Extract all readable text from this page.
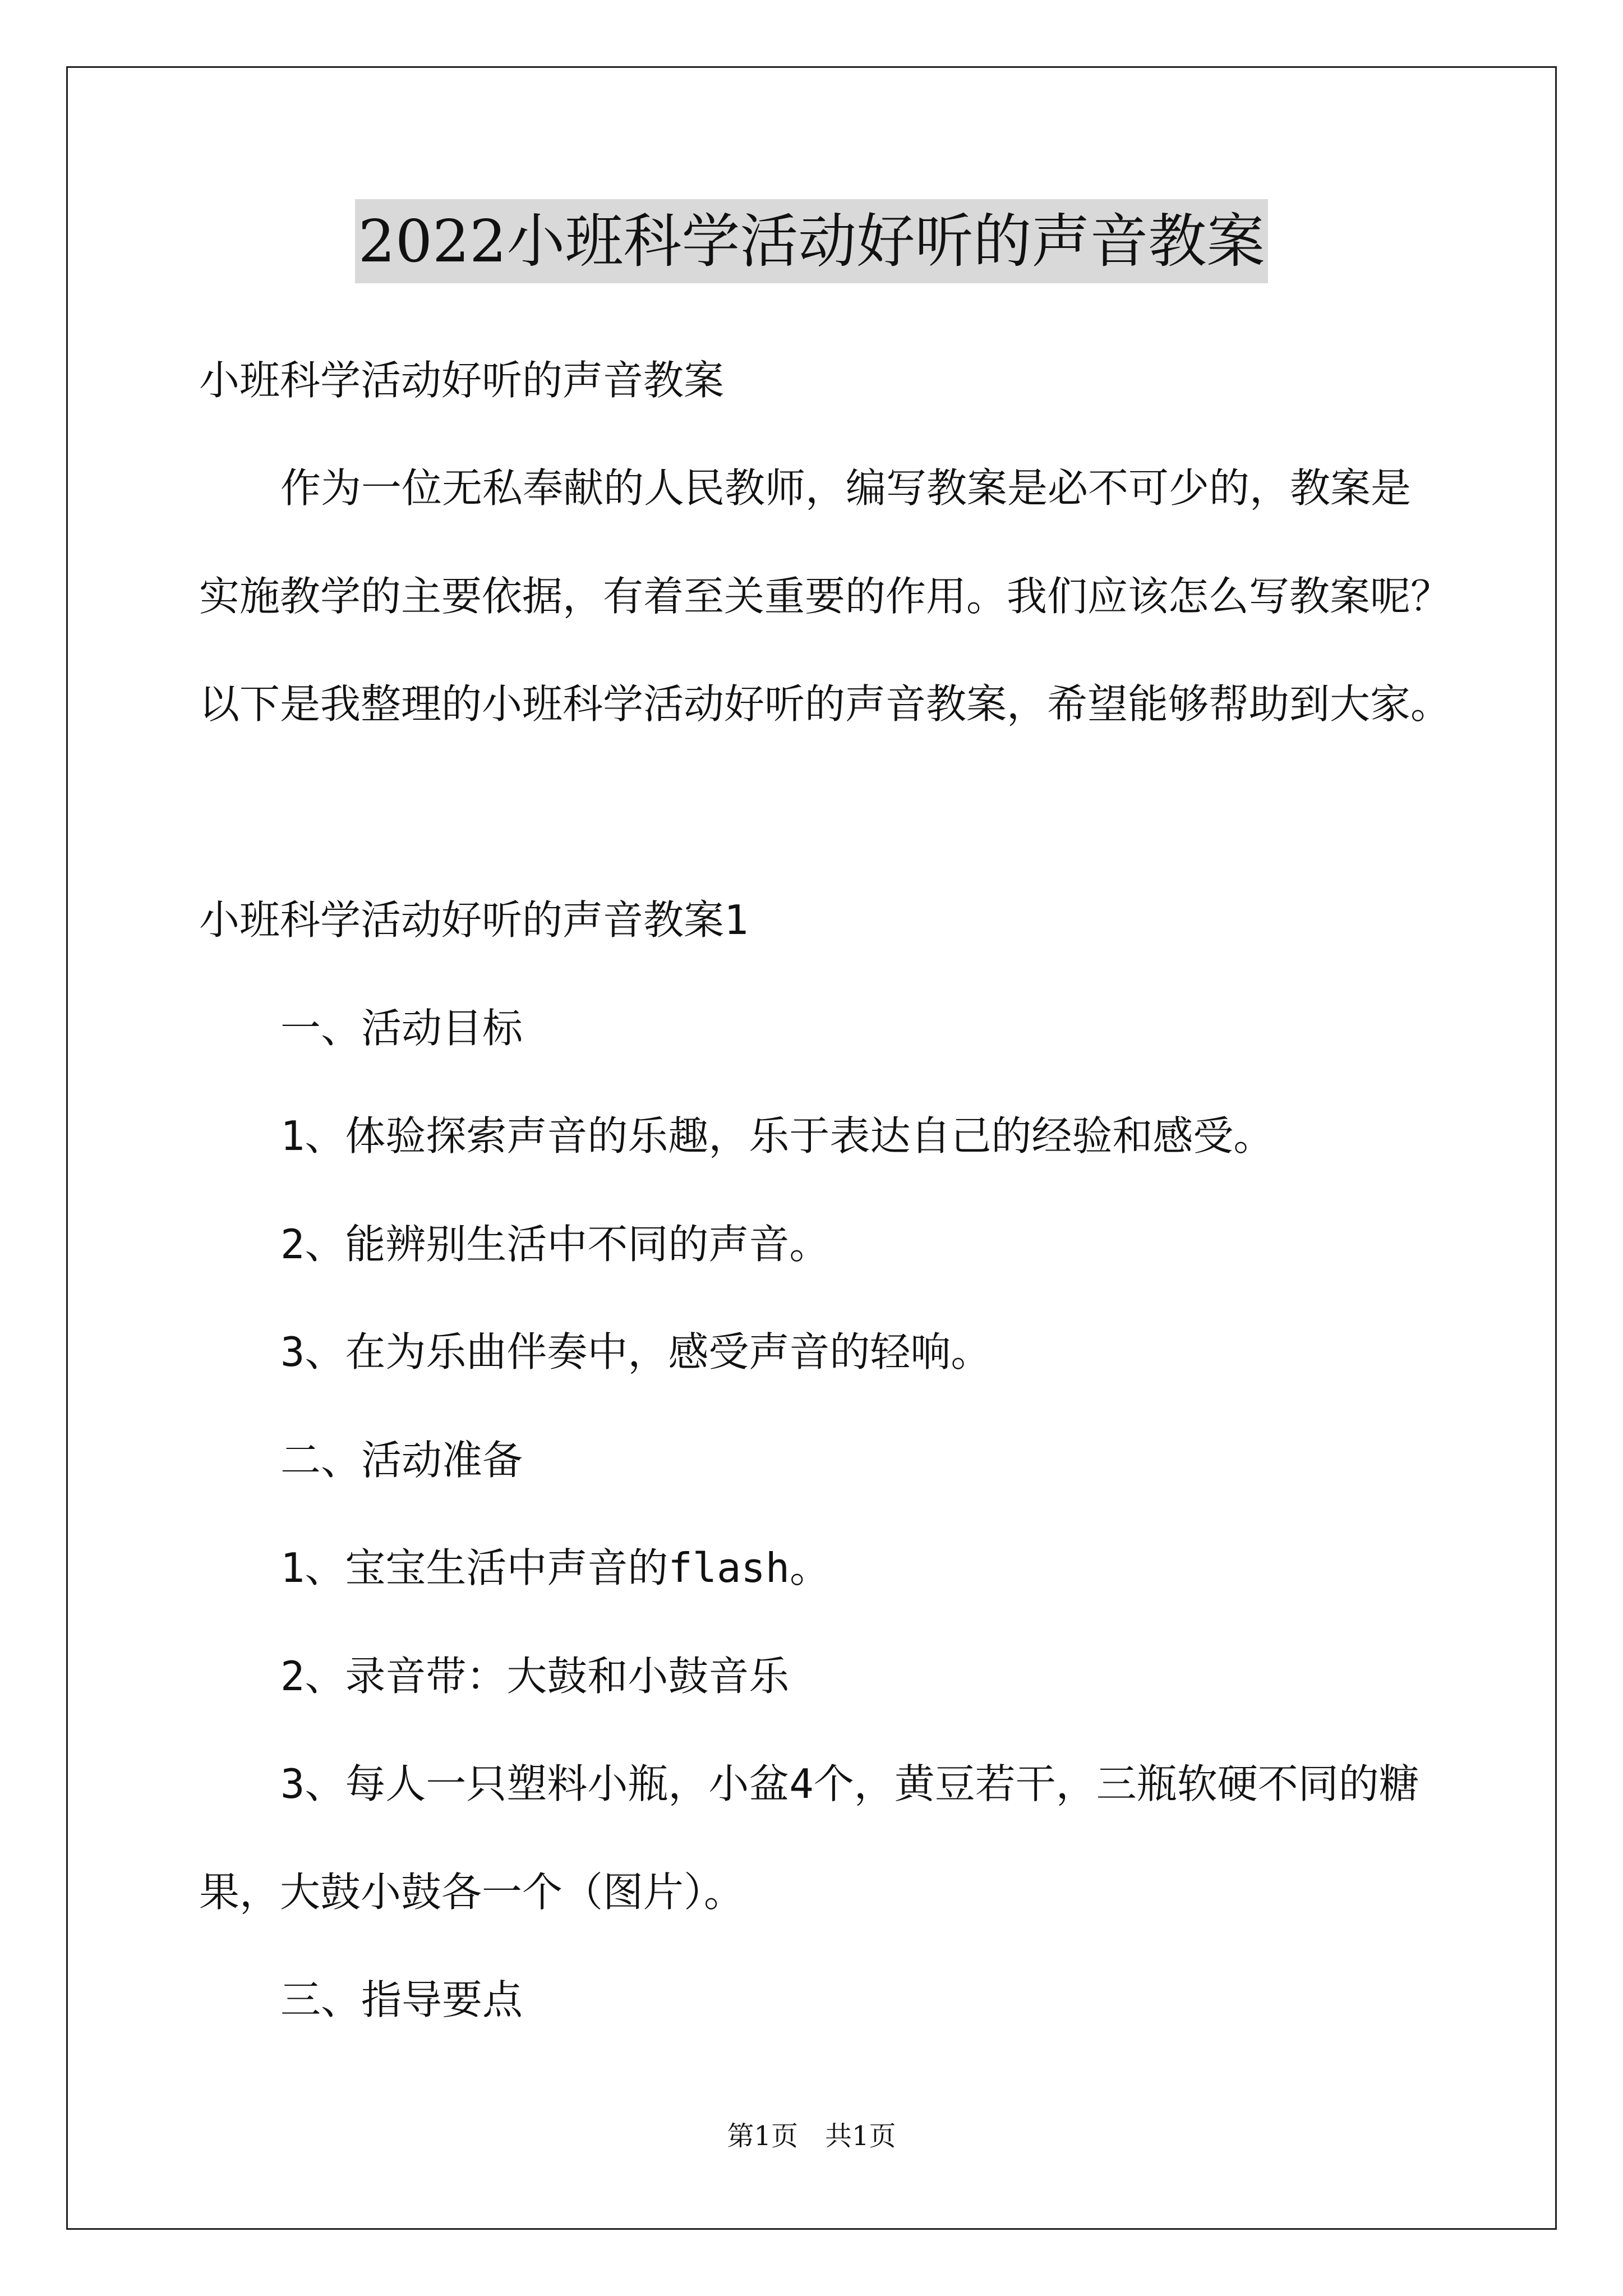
2022小班科学活动好听的声音教案

小班科学活动好听的声音教案

作为一位无私奉献的人民教师，编写教案是必不可少的，教案是

实施教学的主要依据，有着至关重要的作用。我们应该怎么写教案呢？

以下是我整理的小班科学活动好听的声音教案，希望能够帮助到大家。

小班科学活动好听的声音教案1

一、活动目标

1、体验探索声音的乐趣，乐于表达自己的经验和感受。

2、能辨别生活中不同的声音。

3、在为乐曲伴奏中，感受声音的轻响。

二、活动准备

1、宝宝生活中声音的flash。

2、录音带：大鼓和小鼓音乐

3、每人一只塑料小瓶，小盆4个，黄豆若干，三瓶软硬不同的糖

果，大鼓小鼓各一个（图片）。

三、指导要点

第1页　共1页
